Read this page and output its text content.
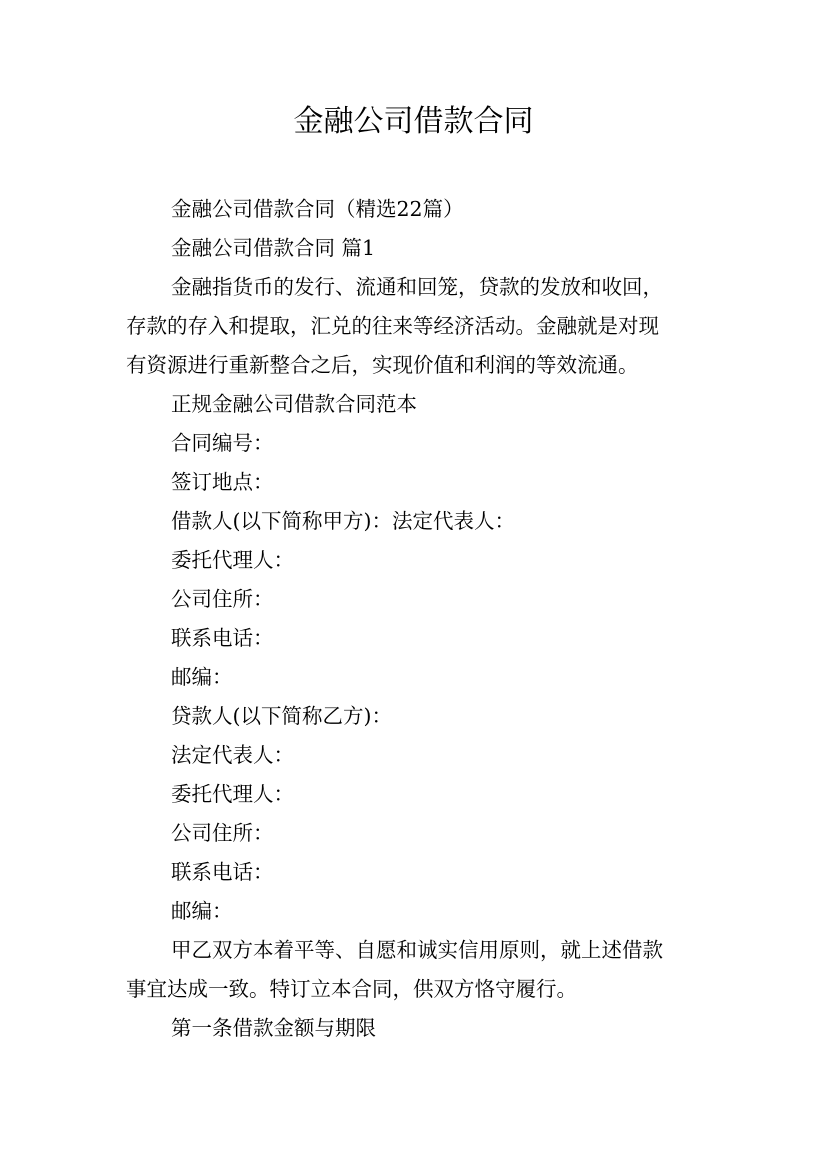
金融公司借款合同
金融公司借款合同（精选22篇）
金融公司借款合同 篇1
金融指货币的发行、流通和回笼，贷款的发放和收回，
存款的存入和提取，汇兑的往来等经济活动。金融就是对现
有资源进行重新整合之后，实现价值和利润的等效流通。
正规金融公司借款合同范本
合同编号：
签订地点：
借款人(以下简称甲方)：法定代表人：
委托代理人：
公司住所：
联系电话：
邮编：
贷款人(以下简称乙方)：
法定代表人：
委托代理人：
公司住所：
联系电话：
邮编：
甲乙双方本着平等、自愿和诚实信用原则，就上述借款
事宜达成一致。特订立本合同，供双方恪守履行。
第一条借款金额与期限
